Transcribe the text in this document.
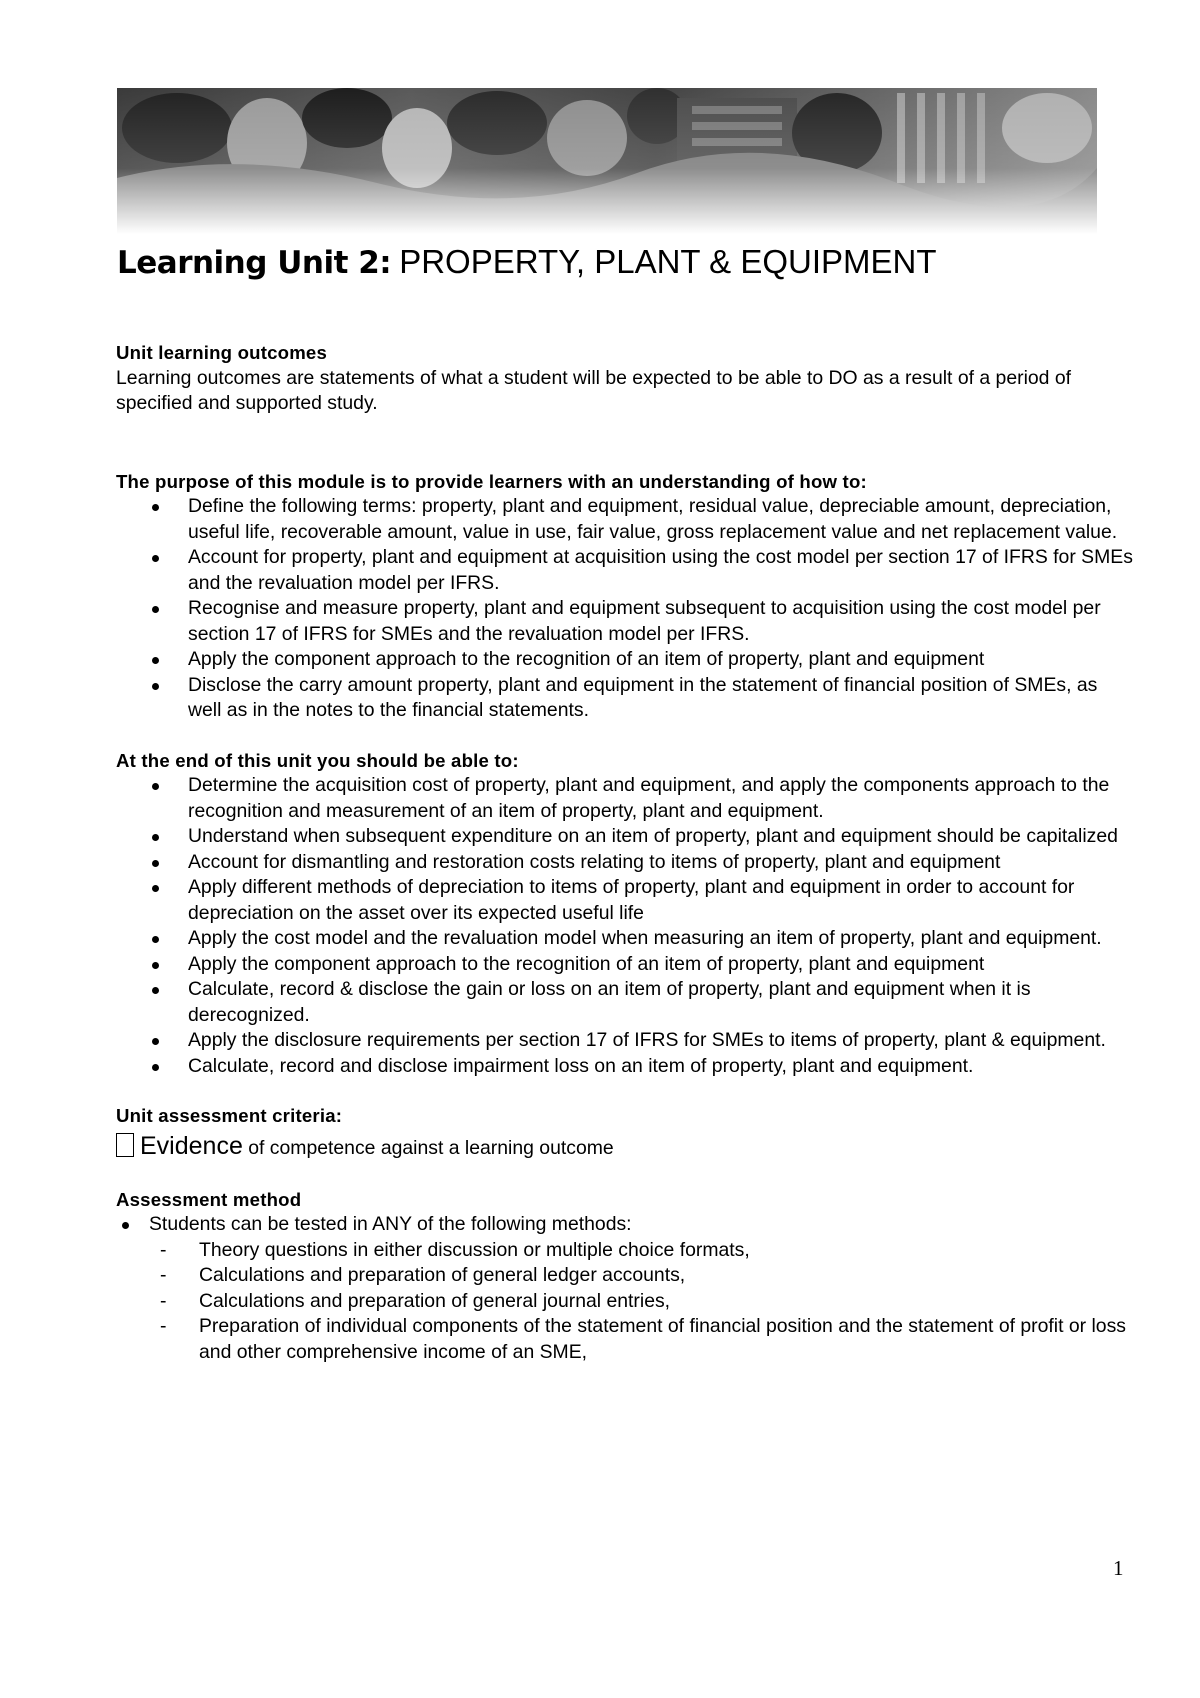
Learning Unit 2: PROPERTY, PLANT & EQUIPMENT

Unit learning outcomes

Learning outcomes are statements of what a student will be expected to be able to DO as a result of a period of specified and supported study.

The purpose of this module is to provide learners with an understanding of how to:

Define the following terms: property, plant and equipment, residual value, depreciable amount, depreciation, useful life, recoverable amount, value in use, fair value, gross replacement value and net replacement value.
Account for property, plant and equipment at acquisition using the cost model per section 17 of IFRS for SMEs and the revaluation model per IFRS.
Recognise and measure property, plant and equipment subsequent to acquisition using the cost model per section 17 of IFRS for SMEs and the revaluation model per IFRS.
Apply the component approach to the recognition of an item of property, plant and equipment
Disclose the carry amount property, plant and equipment in the statement of financial position of SMEs, as well as in the notes to the financial statements.

At the end of this unit you should be able to:

Determine the acquisition cost of property, plant and equipment, and apply the components approach to the recognition and measurement of an item of property, plant and equipment.
Understand when subsequent expenditure on an item of property, plant and equipment should be capitalized
Account for dismantling and restoration costs relating to items of property, plant and equipment
Apply different methods of depreciation to items of property, plant and equipment in order to account for depreciation on the asset over its expected useful life
Apply the cost model and the revaluation model when measuring an item of property, plant and equipment.
Apply the component approach to the recognition of an item of property, plant and equipment
Calculate, record & disclose the gain or loss on an item of property, plant and equipment when it is derecognized.
Apply the disclosure requirements per section 17 of IFRS for SMEs to items of property, plant & equipment.
Calculate, record and disclose impairment loss on an item of property, plant and equipment.

Unit assessment criteria:

Evidence of competence against a learning outcome

Assessment method

Students can be tested in ANY of the following methods:
- Theory questions in either discussion or multiple choice formats,
- Calculations and preparation of general ledger accounts,
- Calculations and preparation of general journal entries,
- Preparation of individual components of the statement of financial position and the statement of profit or loss and other comprehensive income of an SME,
1
